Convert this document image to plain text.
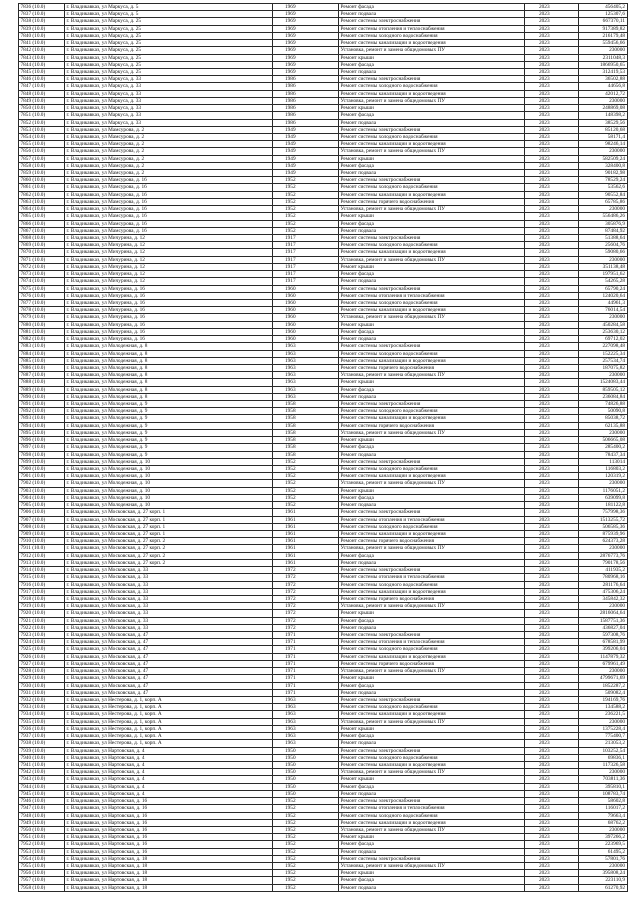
7836 (10.0)	г. Владикавказ, ул Маркуса, д. 5	1969	Ремонт фасада	2023	456405,2
7837 (10.0)	г. Владикавказ, ул Маркуса, д. 5	1969	Ремонт подвала	2023	125307,6
7838 (10.0)	г. Владикавказ, ул Маркуса, д. 25	1969	Ремонт системы электроснабжения	2023	667370,11
7839 (10.0)	г. Владикавказ, ул Маркуса, д. 25	1969	Ремонт системы отопления и теплоснабжения	2023	917389,82
7840 (10.0)	г. Владикавказ, ул Маркуса, д. 25	1969	Ремонт системы холодного водоснабжения	2023	216179,48
7841 (10.0)	г. Владикавказ, ул Маркуса, д. 25	1969	Ремонт системы канализации и водоотведения	2023	559456,66
7842 (10.0)	г. Владикавказ, ул Маркуса, д. 25	1969	Установка, ремонт и замена общедомовых ПУ	2023	230000
7843 (10.0)	г. Владикавказ, ул Маркуса, д. 25	1969	Ремонт крыши	2023	2311048,3
7844 (10.0)	г. Владикавказ, ул Маркуса, д. 25	1969	Ремонт фасада	2023	1866950,65
7845 (10.0)	г. Владикавказ, ул Маркуса, д. 25	1969	Ремонт подвала	2023	312419,53
7846 (10.0)	г. Владикавказ, ул Маркуса, д. 33	1986	Ремонт системы электроснабжения	2023	36502,88
7847 (10.0)	г. Владикавказ, ул Маркуса, д. 33	1986	Ремонт системы холодного водоснабжения	2023	44656,8
7848 (10.0)	г. Владикавказ, ул Маркуса, д. 33	1986	Ремонт системы канализации и водоотведения	2023	42012,72
7849 (10.0)	г. Владикавказ, ул Маркуса, д. 33	1986	Установка, ремонт и замена общедомовых ПУ	2023	230000
7850 (10.0)	г. Владикавказ, ул Маркуса, д. 33	1986	Ремонт крыши	2023	248869,08
7851 (10.0)	г. Владикавказ, ул Маркуса, д. 33	1986	Ремонт фасада	2023	148398,2
7852 (10.0)	г. Владикавказ, ул Маркуса, д. 33	1986	Ремонт подвала	2023	38529,56
7853 (10.0)	г. Владикавказ, ул Мамсурова, д. 2	1949	Ремонт системы электроснабжения	2023	85120,68
7854 (10.0)	г. Владикавказ, ул Мамсурова, д. 2	1949	Ремонт системы холодного водоснабжения	2023	58171,4
7855 (10.0)	г. Владикавказ, ул Мамсурова, д. 2	1949	Ремонт системы канализации и водоотведения	2023	98246,14
7856 (10.0)	г. Владикавказ, ул Мамсурова, д. 2	1949	Установка, ремонт и замена общедомовых ПУ	2023	230000
7857 (10.0)	г. Владикавказ, ул Мамсурова, д. 2	1949	Ремонт крыши	2023	582509,24
7858 (10.0)	г. Владикавказ, ул Мамсурова, д. 2	1949	Ремонт фасада	2023	328400,8
7859 (10.0)	г. Владикавказ, ул Мамсурова, д. 2	1949	Ремонт подвала	2023	90182,98
7860 (10.0)	г. Владикавказ, ул Мамсурова, д. 16	1952	Ремонт системы электроснабжения	2023	78529,24
7861 (10.0)	г. Владикавказ, ул Мамсурова, д. 16	1952	Ремонт системы холодного водоснабжения	2023	53562,6
7862 (10.0)	г. Владикавказ, ул Мамсурова, д. 16	1952	Ремонт системы канализации и водоотведения	2023	90552,84
7863 (10.0)	г. Владикавказ, ул Мамсурова, д. 16	1952	Ремонт системы горячего водоснабжения	2023	65785,86
7864 (10.0)	г. Владикавказ, ул Мамсурова, д. 16	1952	Установка, ремонт и замена общедомовых ПУ	2023	230000
7865 (10.0)	г. Владикавказ, ул Мамсурова, д. 16	1952	Ремонт крыши	2023	556486,26
7866 (10.0)	г. Владикавказ, ул Мамсурова, д. 16	1952	Ремонт фасада	2023	305876,9
7867 (10.0)	г. Владикавказ, ул Мамсурова, д. 16	1952	Ремонт подвала	2023	87484,92
7868 (10.0)	г. Владикавказ, ул Мичурина, д. 12	1917	Ремонт системы электроснабжения	2023	51388,64
7869 (10.0)	г. Владикавказ, ул Мичурина, д. 12	1917	Ремонт системы холодного водоснабжения	2023	25604,76
7870 (10.0)	г. Владикавказ, ул Мичурина, д. 12	1917	Ремонт системы канализации и водоотведения	2023	59080,66
7871 (10.0)	г. Владикавказ, ул Мичурина, д. 12	1917	Установка, ремонт и замена общедомовых ПУ	2023	230000
7872 (10.0)	г. Владикавказ, ул Мичурина, д. 12	1917	Ремонт крыши	2023	351138,48
7873 (10.0)	г. Владикавказ, ул Мичурина, д. 12	1917	Ремонт фасада	2023	197951,62
7874 (10.0)	г. Владикавказ, ул Мичурина, д. 12	1917	Ремонт подвала	2023	54265,28
7875 (10.0)	г. Владикавказ, ул Мичурина, д. 16	1960	Ремонт системы электроснабжения	2023	65790,24
7876 (10.0)	г. Владикавказ, ул Мичурина, д. 16	1960	Ремонт системы отопления и теплоснабжения	2023	124020,64
7877 (10.0)	г. Владикавказ, ул Мичурина, д. 16	1960	Ремонт системы холодного водоснабжения	2023	44961,3
7878 (10.0)	г. Владикавказ, ул Мичурина, д. 16	1960	Ремонт системы канализации и водоотведения	2023	76014,54
7879 (10.0)	г. Владикавказ, ул Мичурина, д. 16	1960	Установка, ремонт и замена общедомовых ПУ	2023	230000
7880 (10.0)	г. Владикавказ, ул Мичурина, д. 16	1960	Ремонт крыши	2023	450284,58
7881 (10.0)	г. Владикавказ, ул Мичурина, д. 16	1960	Ремонт фасада	2023	253630,12
7882 (10.0)	г. Владикавказ, ул Мичурина, д. 16	1960	Ремонт подвала	2023	69712,02
7883 (10.0)	г. Владикавказ, ул Молодежная, д. 8	1963	Ремонт системы электроснабжения	2023	227098,48
7884 (10.0)	г. Владикавказ, ул Молодежная, д. 8	1963	Ремонт системы холодного водоснабжения	2023	152225,34
7885 (10.0)	г. Владикавказ, ул Молодежная, д. 8	1963	Ремонт системы канализации и водоотведения	2023	257534,74
7886 (10.0)	г. Владикавказ, ул Молодежная, д. 8	1963	Ремонт системы горячего водоснабжения	2023	187075,82
7887 (10.0)	г. Владикавказ, ул Молодежная, д. 8	1963	Установка, ремонт и замена общедомовых ПУ	2023	230000
7888 (10.0)	г. Владикавказ, ул Молодежная, д. 8	1963	Ремонт крыши	2023	1524083,44
7889 (10.0)	г. Владикавказ, ул Молодежная, д. 8	1963	Ремонт фасада	2023	859505,12
7890 (10.0)	г. Владикавказ, ул Молодежная, д. 8	1963	Ремонт подвала	2023	236084,84
7891 (10.0)	г. Владикавказ, ул Молодежная, д. 9	1958	Ремонт системы электроснабжения	2023	74826,88
7892 (10.0)	г. Владикавказ, ул Молодежная, д. 9	1958	Ремонт системы холодного водоснабжения	2023	50090,8
7893 (10.0)	г. Владикавказ, ул Молодежная, д. 9	1958	Ремонт системы канализации и водоотведения	2023	85038,72
7894 (10.0)	г. Владикавказ, ул Молодежная, д. 9	1958	Ремонт системы горячего водоснабжения	2023	62135,88
7895 (10.0)	г. Владикавказ, ул Молодежная, д. 9	1958	Установка, ремонт и замена общедомовых ПУ	2023	230000
7896 (10.0)	г. Владикавказ, ул Молодежная, д. 9	1958	Ремонт крыши	2023	506665,08
7897 (10.0)	г. Владикавказ, ул Молодежная, д. 9	1958	Ремонт фасада	2023	285400,2
7898 (10.0)	г. Владикавказ, ул Молодежная, д. 9	1958	Ремонт подвала	2023	78437,34
7899 (10.0)	г. Владикавказ, ул Молодежная, д. 10	1952	Ремонт системы электроснабжения	2023	113014
7900 (10.0)	г. Владикавказ, ул Молодежная, д. 10	1952	Ремонт системы холодного водоснабжения	2023	116803,2
7901 (10.0)	г. Владикавказ, ул Молодежная, д. 10	1952	Ремонт системы канализации и водоотведения	2023	120319,2
7902 (10.0)	г. Владикавказ, ул Молодежная, д. 10	1952	Установка, ремонт и замена общедомовых ПУ	2023	230000
7903 (10.0)	г. Владикавказ, ул Молодежная, д. 10	1952	Ремонт крыши	2023	1176051,2
7904 (10.0)	г. Владикавказ, ул Молодежная, д. 10	1952	Ремонт фасада	2023	639099,8
7905 (10.0)	г. Владикавказ, ул Молодежная, д. 10	1952	Ремонт подвала	2023	181122,8
7906 (10.0)	г. Владикавказ, ул Московская, д. 27 корп. 1	1961	Ремонт системы электроснабжения	2023	757998,36
7907 (10.0)	г. Владикавказ, ул Московская, д. 27 корп. 1	1961	Ремонт системы отопления и теплоснабжения	2023	1513255,72
7908 (10.0)	г. Владикавказ, ул Московская, д. 27 корп. 1	1961	Ремонт системы холодного водоснабжения	2023	506585,36
7909 (10.0)	г. Владикавказ, ул Московская, д. 27 корп. 1	1961	Ремонт системы канализации и водоотведения	2023	875939,96
7910 (10.0)	г. Владикавказ, ул Московская, д. 27 корп. 2	1961	Ремонт системы горячего водоснабжения	2023	624373,28
7911 (10.0)	г. Владикавказ, ул Московская, д. 27 корп. 2	1961	Установка, ремонт и замена общедомовых ПУ	2023	230000
7912 (10.0)	г. Владикавказ, ул Московская, д. 27 корп. 2	1961	Ремонт фасада	2023	2876773,76
7913 (10.0)	г. Владикавказ, ул Московская, д. 27 корп. 2	1961	Ремонт подвала	2023	790178,56
7914 (10.0)	г. Владикавказ, ул Московская, д. 33	1972	Ремонт системы электроснабжения	2023	411935,2
7915 (10.0)	г. Владикавказ, ул Московская, д. 33	1972	Ремонт системы отопления и теплоснабжения	2023	780968,16
7916 (10.0)	г. Владикавказ, ул Московская, д. 33	1972	Ремонт системы холодного водоснабжения	2023	281176,64
7917 (10.0)	г. Владикавказ, ул Московская, д. 33	1972	Ремонт системы канализации и водоотведения	2023	475306,24
7918 (10.0)	г. Владикавказ, ул Московская, д. 33	1972	Ремонт системы горячего водоснабжения	2023	345842,32
7919 (10.0)	г. Владикавказ, ул Московская, д. 33	1972	Установка, ремонт и замена общедомовых ПУ	2023	230000
7920 (10.0)	г. Владикавказ, ул Московская, д. 33	1972	Ремонт крыши	2023	2816064,64
7921 (10.0)	г. Владикавказ, ул Московская, д. 33	1972	Ремонт фасада	2023	1587751,36
7922 (10.0)	г. Владикавказ, ул Московская, д. 33	1972	Ремонт подвала	2023	436827,04
7923 (10.0)	г. Владикавказ, ул Московская, д. 47	1971	Ремонт системы электроснабжения	2023	597308,76
7924 (10.0)	г. Владикавказ, ул Московская, д. 47	1971	Ремонт системы отопления и теплоснабжения	2023	678581,99
7925 (10.0)	г. Владикавказ, ул Московская, д. 47	1971	Ремонт системы холодного водоснабжения	2023	399206,04
7926 (10.0)	г. Владикавказ, ул Московская, д. 47	1971	Ремонт системы канализации и водоотведения	2023	1147879,32
7927 (10.0)	г. Владикавказ, ул Московская, д. 47	1971	Ремонт системы горячего водоснабжения	2023	679961,49
7928 (10.0)	г. Владикавказ, ул Московская, д. 47	1971	Установка, ремонт и замена общедомовых ПУ	2023	230000
7929 (10.0)	г. Владикавказ, ул Московская, д. 47	1971	Ремонт крыши	2023	4799671,69
7930 (10.0)	г. Владикавказ, ул Московская, д. 47	1971	Ремонт фасада	2023	1852287,2
7931 (10.0)	г. Владикавказ, ул Московская, д. 47	1971	Ремонт подвала	2023	509082,4
7932 (10.0)	г. Владикавказ, ул Нестерова, д. 1, корп. А	1963	Ремонт системы электроснабжения	2023	194169,76
7933 (10.0)	г. Владикавказ, ул Нестерова, д. 1, корп. А	1963	Ремонт системы холодного водоснабжения	2023	134588,2
7934 (10.0)	г. Владикавказ, ул Нестерова, д. 1, корп. А	1963	Ремонт системы канализации и водоотведения	2023	236221,5
7935 (10.0)	г. Владикавказ, ул Нестерова, д. 1, корп. А	1963	Установка, ремонт и замена общедомовых ПУ	2023	230000
7936 (10.0)	г. Владикавказ, ул Нестерова, д. 1, корп. А	1963	Ремонт крыши	2023	1375228,4
7937 (10.0)	г. Владикавказ, ул Нестерова, д. 1, корп. А	1963	Ремонт фасада	2023	775400,7
7938 (10.0)	г. Владикавказ, ул Нестерова, д. 1, корп. А	1963	Ремонт подвала	2023	213053,2
7939 (10.0)	г. Владикавказ, ул Нартовская, д. 4	1950	Ремонт системы электроснабжения	2023	103252,54
7940 (10.0)	г. Владикавказ, ул Нартовская, д. 4	1950	Ремонт системы холодного водоснабжения	2023	69836,1
7941 (10.0)	г. Владикавказ, ул Нартовская, д. 4	1950	Ремонт системы канализации и водоотведения	2023	117326,58
7942 (10.0)	г. Владикавказ, ул Нартовская, д. 4	1950	Установка, ремонт и замена общедомовых ПУ	2023	230000
7943 (10.0)	г. Владикавказ, ул Нартовская, д. 4	1950	Ремонт крыши	2023	703811,36
7944 (10.0)	г. Владикавказ, ул Нартовская, д. 4	1950	Ремонт фасада	2023	395810,1
7945 (10.0)	г. Владикавказ, ул Нартовская, д. 4	1950	Ремонт подвала	2023	108783,74
7946 (10.0)	г. Владикавказ, ул Нартовская, д. 16	1952	Ремонт системы электроснабжения	2023	58602,8
7947 (10.0)	г. Владикавказ, ул Нартовская, д. 16	1952	Ремонт системы отопления и теплоснабжения	2023	116017,2
7948 (10.0)	г. Владикавказ, ул Нартовская, д. 16	1952	Ремонт системы холодного водоснабжения	2023	79663,4
7949 (10.0)	г. Владикавказ, ул Нартовская, д. 16	1952	Ремонт системы канализации и водоотведения	2023	68762,2
7950 (10.0)	г. Владикавказ, ул Нартовская, д. 16	1952	Установка, ремонт и замена общедомовых ПУ	2023	230000
7951 (10.0)	г. Владикавказ, ул Нартовская, д. 16	1952	Ремонт крыши	2023	397266,2
7952 (10.0)	г. Владикавказ, ул Нартовская, д. 16	1952	Ремонт фасада	2023	223969,5
7953 (10.0)	г. Владикавказ, ул Нартовская, д. 16	1952	Ремонт подвала	2023	61495,2
7954 (10.0)	г. Владикавказ, ул Нартовская, д. 18	1952	Ремонт системы электроснабжения	2023	57801,76
7955 (10.0)	г. Владикавказ, ул Нартовская, д. 18	1952	Установка, ремонт и замена общедомовых ПУ	2023	230000
7956 (10.0)	г. Владикавказ, ул Нартовская, д. 18	1952	Ремонт крыши	2023	395808,24
7957 (10.0)	г. Владикавказ, ул Нартовская, д. 18	1952	Ремонт фасада	2023	223110,9
7958 (10.0)	г. Владикавказ, ул Нартовская, д. 18	1952	Ремонт подвала	2023	61270,92
